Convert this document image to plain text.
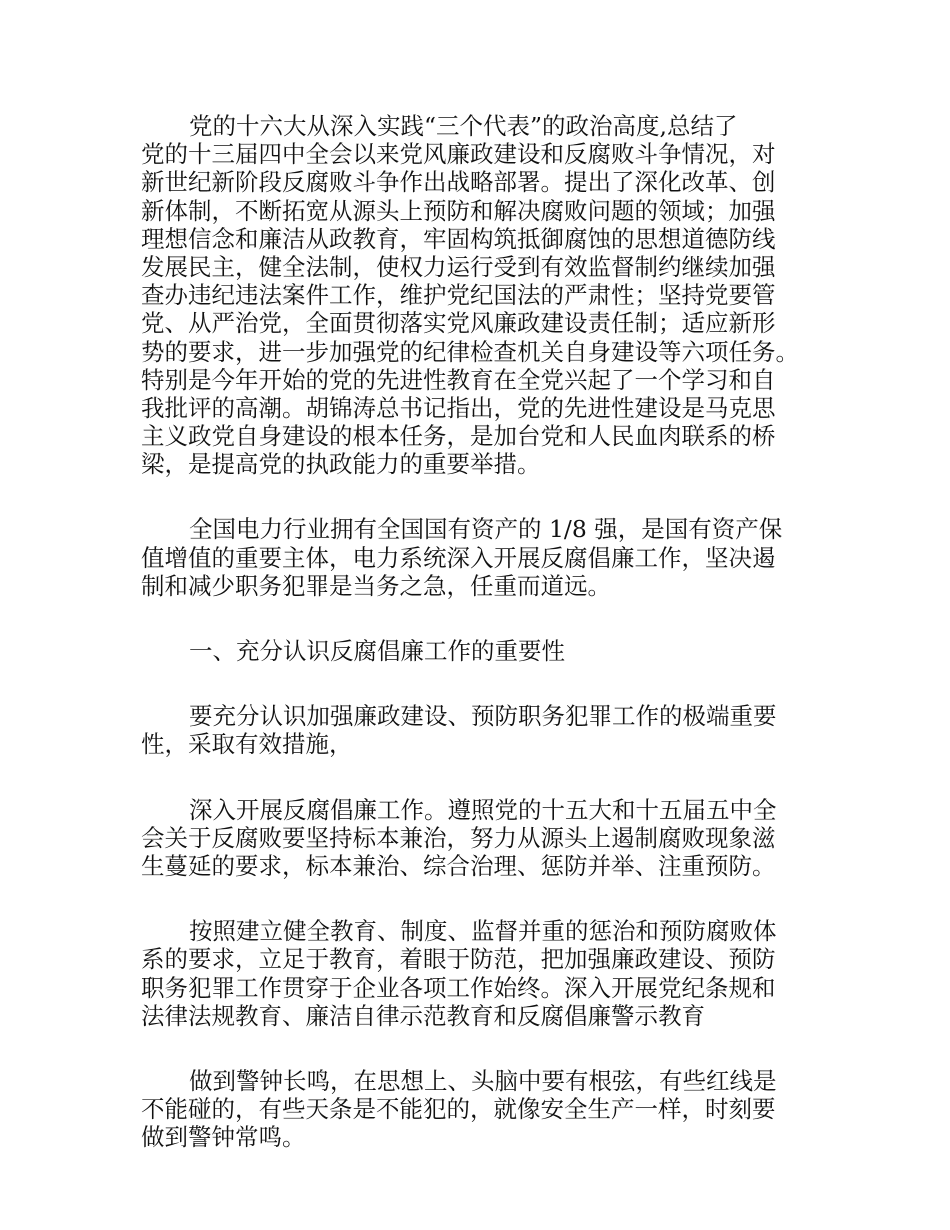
党的十六大从深入实践“三个代表”的政治高度,总结了
党的十三届四中全会以来党风廉政建设和反腐败斗争情况，对
新世纪新阶段反腐败斗争作出战略部署。提出了深化改革、创
新体制，不断拓宽从源头上预防和解决腐败问题的领域；加强
理想信念和廉洁从政教育，牢固构筑抵御腐蚀的思想道德防线
发展民主，健全法制，使权力运行受到有效监督制约继续加强
查办违纪违法案件工作，维护党纪国法的严肃性；坚持党要管
党、从严治党，全面贯彻落实党风廉政建设责任制；适应新形
势的要求，进一步加强党的纪律检查机关自身建设等六项任务。
特别是今年开始的党的先进性教育在全党兴起了一个学习和自
我批评的高潮。胡锦涛总书记指出，党的先进性建设是马克思
主义政党自身建设的根本任务，是加台党和人民血肉联系的桥
梁，是提高党的执政能力的重要举措。
全国电力行业拥有全国国有资产的 1/8 强，是国有资产保
值增值的重要主体，电力系统深入开展反腐倡廉工作，坚决遏
制和减少职务犯罪是当务之急，任重而道远。
一、充分认识反腐倡廉工作的重要性
要充分认识加强廉政建设、预防职务犯罪工作的极端重要
性，采取有效措施，
深入开展反腐倡廉工作。遵照党的十五大和十五届五中全
会关于反腐败要坚持标本兼治，努力从源头上遏制腐败现象滋
生蔓延的要求，标本兼治、综合治理、惩防并举、注重预防。
按照建立健全教育、制度、监督并重的惩治和预防腐败体
系的要求，立足于教育，着眼于防范，把加强廉政建设、预防
职务犯罪工作贯穿于企业各项工作始终。深入开展党纪条规和
法律法规教育、廉洁自律示范教育和反腐倡廉警示教育
做到警钟长鸣，在思想上、头脑中要有根弦，有些红线是
不能碰的，有些天条是不能犯的，就像安全生产一样，时刻要
做到警钟常鸣。
